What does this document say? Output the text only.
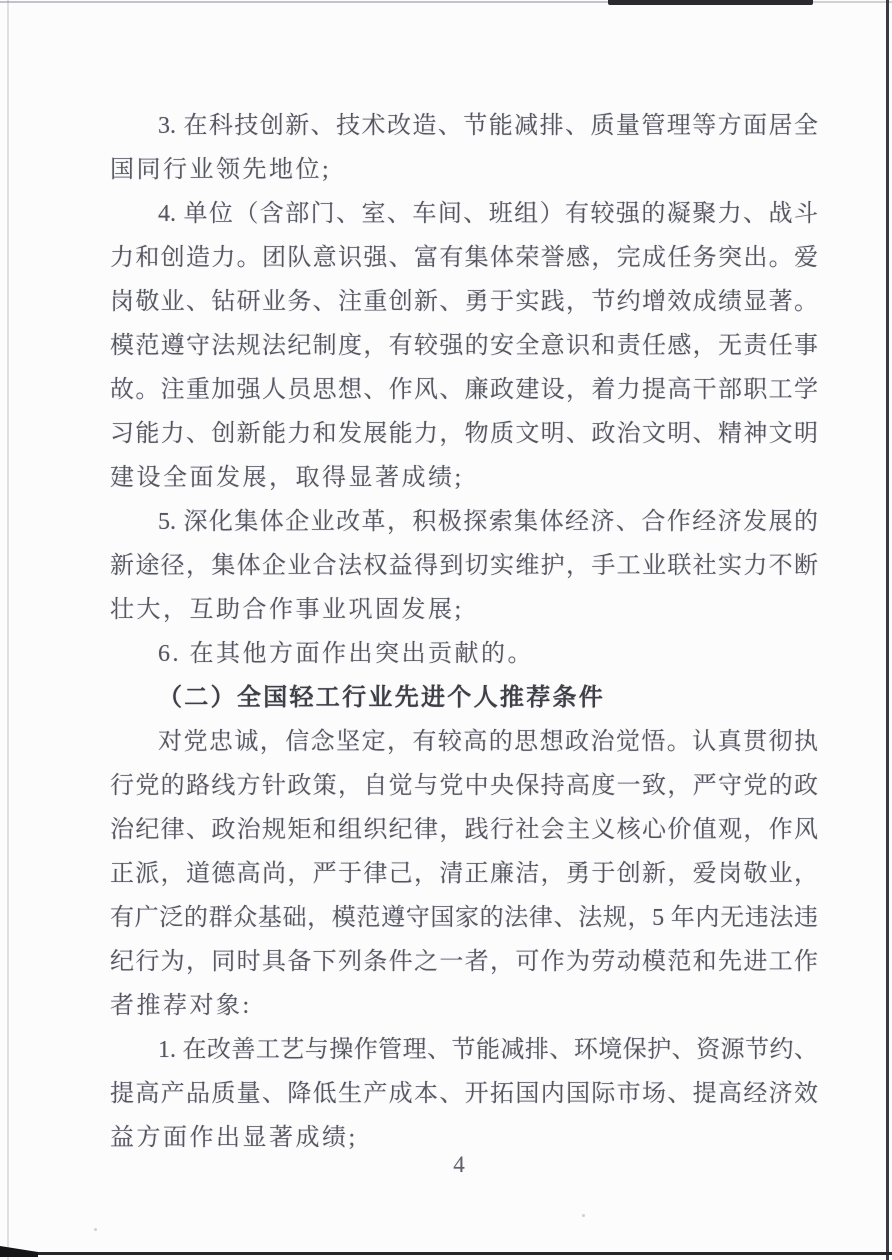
3. 在科技创新、技术改造、节能减排、质量管理等方面居全
国同行业领先地位;
4. 单位（含部门、室、车间、班组）有较强的凝聚力、战斗
力和创造力。团队意识强、富有集体荣誉感，完成任务突出。爱
岗敬业、钻研业务、注重创新、勇于实践，节约增效成绩显著。
模范遵守法规法纪制度，有较强的安全意识和责任感，无责任事
故。注重加强人员思想、作风、廉政建设，着力提高干部职工学
习能力、创新能力和发展能力，物质文明、政治文明、精神文明
建设全面发展，取得显著成绩;
5. 深化集体企业改革，积极探索集体经济、合作经济发展的
新途径，集体企业合法权益得到切实维护，手工业联社实力不断
壮大，互助合作事业巩固发展;
6. 在其他方面作出突出贡献的。
（二）全国轻工行业先进个人推荐条件
对党忠诚，信念坚定，有较高的思想政治觉悟。认真贯彻执
行党的路线方针政策，自觉与党中央保持高度一致，严守党的政
治纪律、政治规矩和组织纪律，践行社会主义核心价值观，作风
正派，道德高尚，严于律己，清正廉洁，勇于创新，爱岗敬业，
有广泛的群众基础，模范遵守国家的法律、法规，5 年内无违法违
纪行为，同时具备下列条件之一者，可作为劳动模范和先进工作
者推荐对象:
1. 在改善工艺与操作管理、节能减排、环境保护、资源节约、
提高产品质量、降低生产成本、开拓国内国际市场、提高经济效
益方面作出显著成绩;
4
